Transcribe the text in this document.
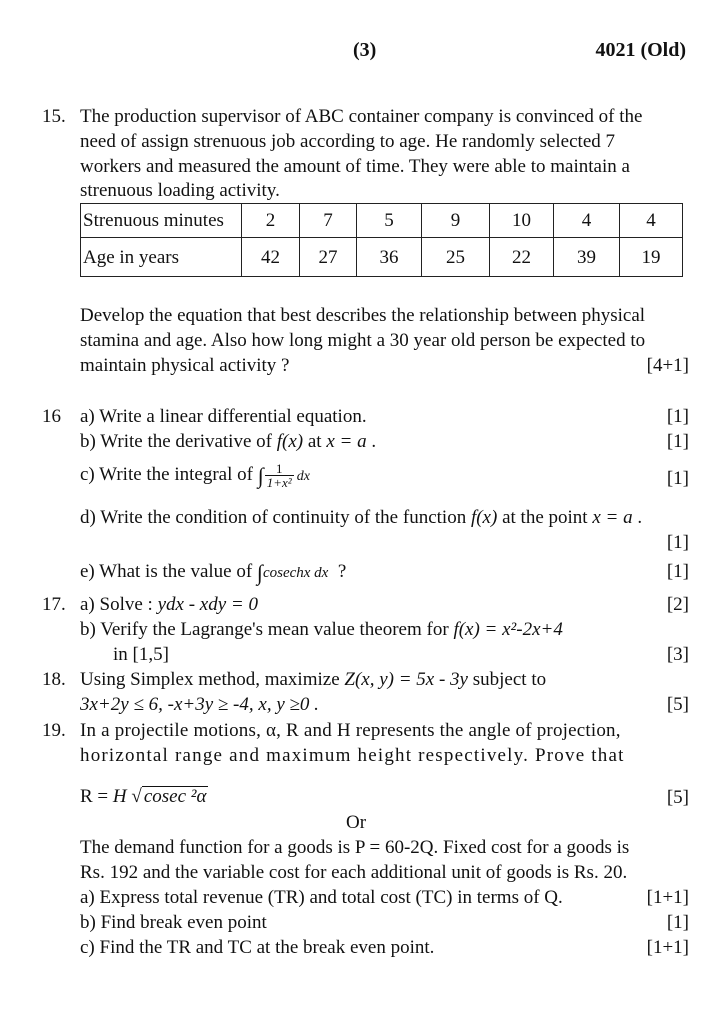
(3)	4021 (Old)
15. The production supervisor of ABC container company is convinced of the
need of assign strenuous job according to age. He randomly selected 7
workers and measured the amount of time. They were able to maintain a
strenuous loading activity.
Strenuous minutes	2	7	5	9	10	4	4
Age in years	42	27	36	25	22	39	19
Develop the equation that best describes the relationship between physical
stamina and age. Also how long might a 30 year old person be expected to
maintain physical activity ?	[4+1]
16 a) Write a linear differential equation.	[1]
b) Write the derivative of f(x) at x = a .	[1]
c) Write the integral of ∫ $\frac{1}{\text{1+x²}}$ dx	[1]
d) Write the condition of continuity of the function f(x) at the point x = a .
[1]
e) What is the value of ∫cosechx dx ?	[1]
17. a) Solve : ydx - xdy = 0	[2]
b) Verify the Lagrange's mean value theorem for f(x) = x²-2x+4
in [1,5]	[3]
18. Using Simplex method, maximize Z(x, y) = 5x - 3y subject to
3x+2y ≤ 6, -x+3y ≥ -4, x, y ≥0 .	[5]
19. In a projectile motions, α, R and H represents the angle of projection,
horizontal range and maximum height respectively. Prove that
R = H √ cosec ²α	[5]
Or
The demand function for a goods is P = 60-2Q. Fixed cost for a goods is
Rs. 192 and the variable cost for each additional unit of goods is Rs. 20.
a) Express total revenue (TR) and total cost (TC) in terms of Q.	[1+1]
b) Find break even point	[1]
c) Find the TR and TC at the break even point.	[1+1]
